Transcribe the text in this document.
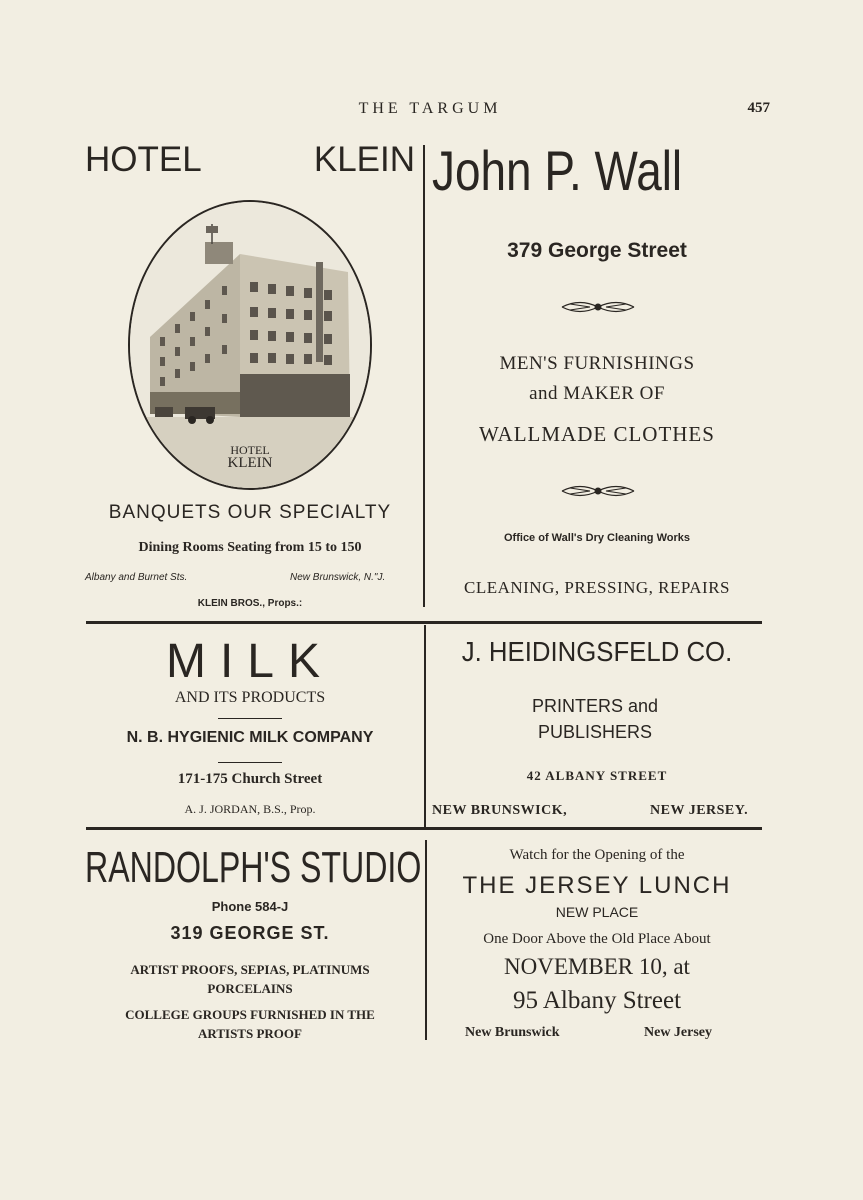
THE TARGUM	457
HOTEL	KLEIN
HOTEL
KLEIN
BANQUETS OUR SPECIALTY
Dining Rooms Seating from 15 to 150
Albany and Burnet Sts.	New Brunswick, N."J.
KLEIN BROS., Props.:
John P. Wall
379 George Street
MEN'S FURNISHINGS
and MAKER OF
WALLMADE CLOTHES
Office of Wall's Dry Cleaning Works
CLEANING, PRESSING, REPAIRS
MILK
AND ITS PRODUCTS
N. B. HYGIENIC MILK COMPANY
171-175 Church Street
A. J. JORDAN, B.S., Prop.
J. HEIDINGSFELD CO.
PRINTERS and
PUBLISHERS
42 ALBANY STREET
NEW BRUNSWICK,	NEW JERSEY.
RANDOLPH'S STUDIO
Phone 584-J
319 GEORGE ST.
ARTIST PROOFS, SEPIAS, PLATINUMS
PORCELAINS
COLLEGE GROUPS FURNISHED IN THE
ARTISTS PROOF
Watch for the Opening of the
THE JERSEY LUNCH
NEW PLACE
One Door Above the Old Place About
NOVEMBER 10, at
95 Albany Street
New Brunswick	New Jersey
